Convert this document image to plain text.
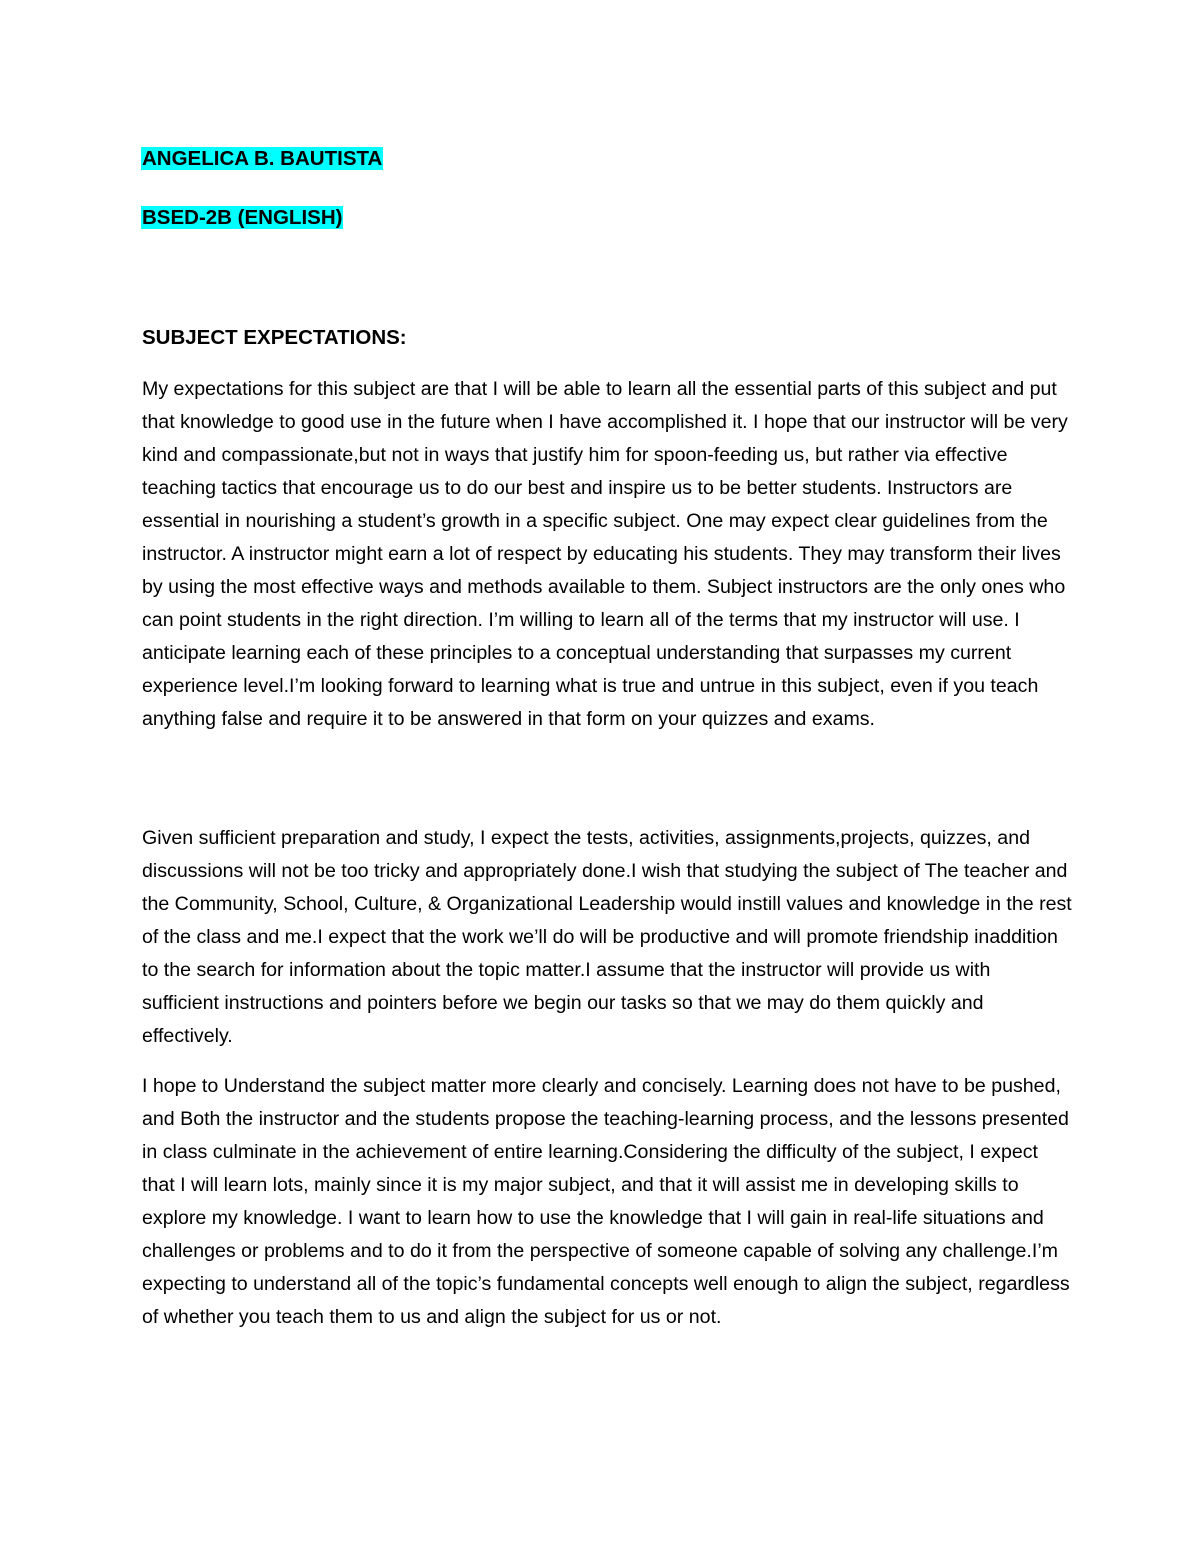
ANGELICA B. BAUTISTA
BSED-2B (ENGLISH)
SUBJECT EXPECTATIONS:

My expectations for this subject are that I will be able to learn all the essential parts of this subject and put that knowledge to good use in the future when I have accomplished it. I hope that our instructor will be very kind and compassionate,but not in ways that justify him for spoon-feeding us, but rather via effective teaching tactics that encourage us to do our best and inspire us to be better students. Instructors are essential in nourishing a student’s growth in a specific subject. One may expect clear guidelines from the instructor. A instructor might earn a lot of respect by educating his students. They may transform their lives by using the most effective ways and methods available to them. Subject instructors are the only ones who can point students in the right direction. I’m willing to learn all of the terms that my instructor will use. I anticipate learning each of these principles to a conceptual understanding that surpasses my current experience level.I’m looking forward to learning what is true and untrue in this subject, even if you teach anything false and require it to be answered in that form on your quizzes and exams.

Given sufficient preparation and study, I expect the tests, activities, assignments,projects, quizzes, and discussions will not be too tricky and appropriately done.I wish that studying the subject of The teacher and the Community, School, Culture, & Organizational Leadership would instill values and knowledge in the rest of the class and me.I expect that the work we’ll do will be productive and will promote friendship inaddition to the search for information about the topic matter.I assume that the instructor will provide us with sufficient instructions and pointers before we begin our tasks so that we may do them quickly and effectively.

I hope to Understand the subject matter more clearly and concisely. Learning does not have to be pushed, and Both the instructor and the students propose the teaching-learning process, and the lessons presented in class culminate in the achievement of entire learning.Considering the difficulty of the subject, I expect that I will learn lots, mainly since it is my major subject, and that it will assist me in developing skills to explore my knowledge. I want to learn how to use the knowledge that I will gain in real-life situations and challenges or problems and to do it from the perspective of someone capable of solving any challenge.I’m expecting to understand all of the topic’s fundamental concepts well enough to align the subject, regardless of whether you teach them to us and align the subject for us or not.
